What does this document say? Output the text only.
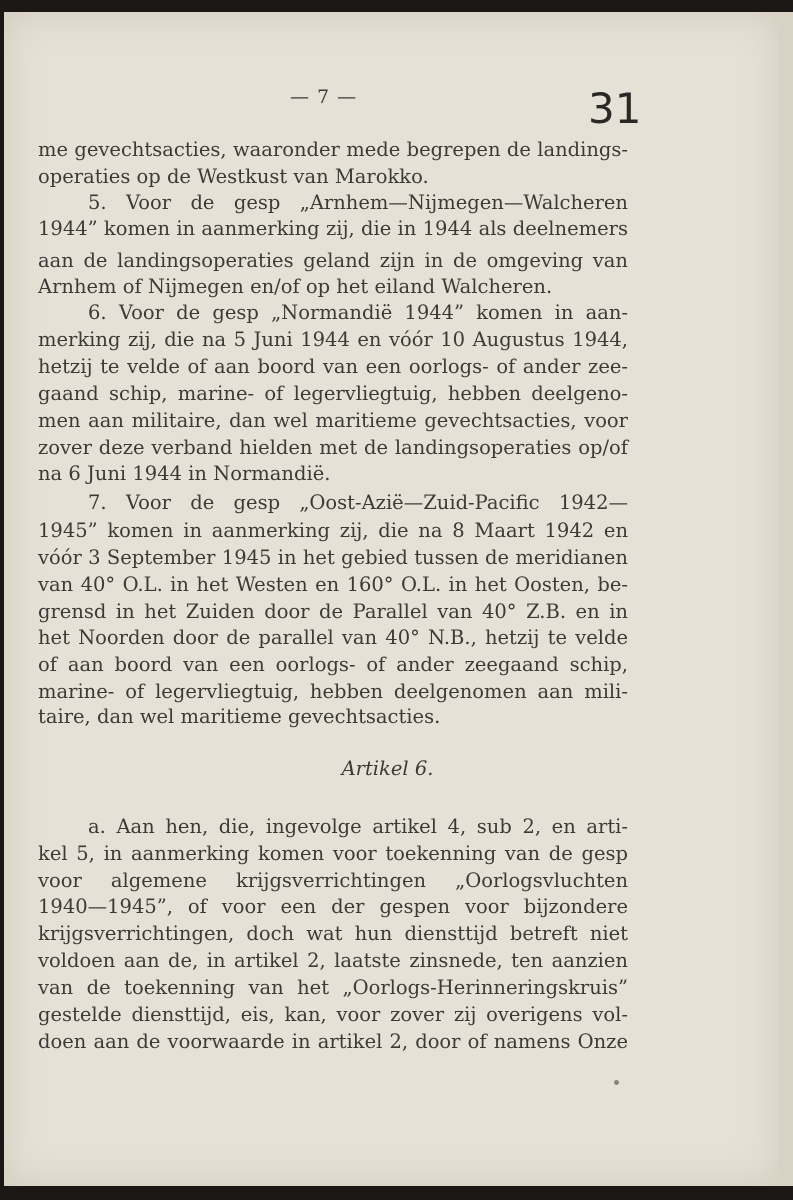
— 7 —	31
me gevechtsacties, waaronder mede begrepen de landings-
operaties op de Westkust van Marokko.
5. Voor de gesp „Arnhem—Nijmegen—Walcheren
1944” komen in aanmerking zij, die in 1944 als deelnemers
aan de landingsoperaties geland zijn in de omgeving van
Arnhem of Nijmegen en/of op het eiland Walcheren.
6. Voor de gesp „Normandië 1944” komen in aan-
merking zij, die na 5 Juni 1944 en vóór 10 Augustus 1944,
hetzij te velde of aan boord van een oorlogs- of ander zee-
gaand schip, marine- of legervliegtuig, hebben deelgeno-
men aan militaire, dan wel maritieme gevechtsacties, voor
zover deze verband hielden met de landingsoperaties op/of
na 6 Juni 1944 in Normandië.
7. Voor de gesp „Oost-Azië—Zuid-Pacific 1942—
1945” komen in aanmerking zij, die na 8 Maart 1942 en
vóór 3 September 1945 in het gebied tussen de meridianen
van 40° O.L. in het Westen en 160° O.L. in het Oosten, be-
grensd in het Zuiden door de Parallel van 40° Z.B. en in
het Noorden door de parallel van 40° N.B., hetzij te velde
of aan boord van een oorlogs- of ander zeegaand schip,
marine- of legervliegtuig, hebben deelgenomen aan mili-
taire, dan wel maritieme gevechtsacties.
Artikel 6.
a. Aan hen, die, ingevolge artikel 4, sub 2, en arti-
kel 5, in aanmerking komen voor toekenning van de gesp
voor algemene krijgsverrichtingen „Oorlogsvluchten
1940—1945”, of voor een der gespen voor bijzondere
krijgsverrichtingen, doch wat hun diensttijd betreft niet
voldoen aan de, in artikel 2, laatste zinsnede, ten aanzien
van de toekenning van het „Oorlogs-Herinneringskruis”
gestelde diensttijd, eis, kan, voor zover zij overigens vol-
doen aan de voorwaarde in artikel 2, door of namens Onze
